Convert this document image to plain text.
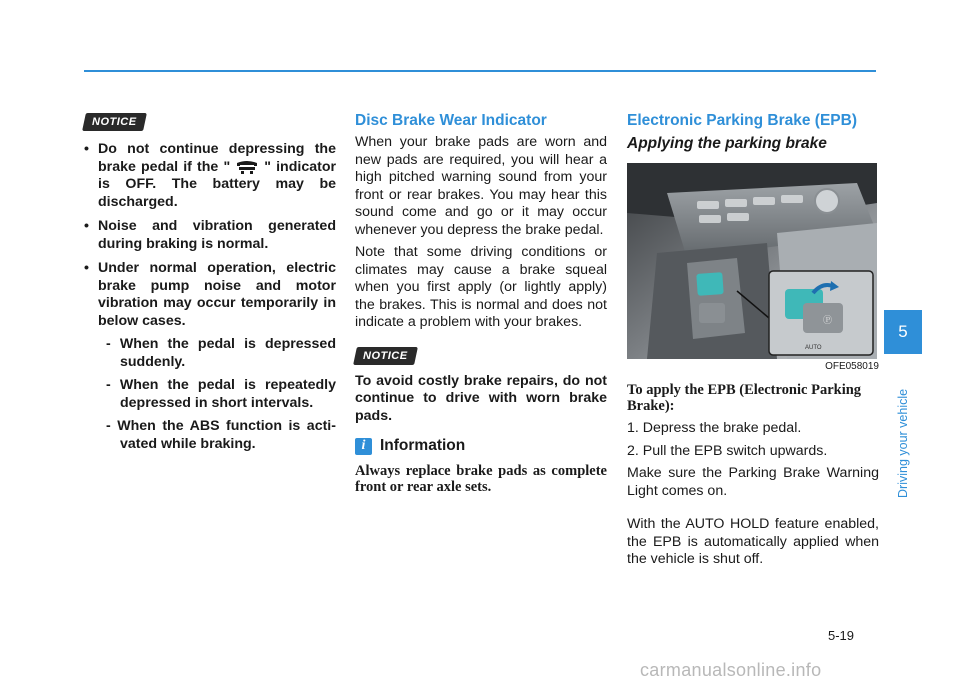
NOTICE
• Do not continue depressing the brake pedal if the " " indicator is OFF. The battery may be discharged.
• Noise and vibration generated during braking is normal.
• Under normal operation, electric brake pump noise and motor vibration may occur temporarily in below cases.
- When the pedal is depressed suddenly.
- When the pedal is repeatedly depressed in short intervals.
- When the ABS function is activated while braking.
Disc Brake Wear Indicator

When your brake pads are worn and new pads are required, you will hear a high pitched warning sound from your front or rear brakes. You may hear this sound come and go or it may occur whenever you depress the brake pedal.

Note that some driving conditions or climates may cause a brake squeal when you first apply (or lightly apply) the brakes. This is normal and does not indicate a problem with your brakes.

NOTICE

To avoid costly brake repairs, do not continue to drive with worn brake pads.

i Information

Always replace brake pads as complete front or rear axle sets.

Electronic Parking Brake (EPB)
Applying the parking brake
Ⓟ
AUTO
OFE058019

To apply the EPB (Electronic Parking Brake):

1. Depress the brake pedal.

2. Pull the EPB switch upwards.

Make sure the Parking Brake Warning Light comes on.

With the AUTO HOLD feature enabled, the EPB is automatically applied when the vehicle is shut off.

5
Driving your vehicle
5-19
carmanualsonline.info
